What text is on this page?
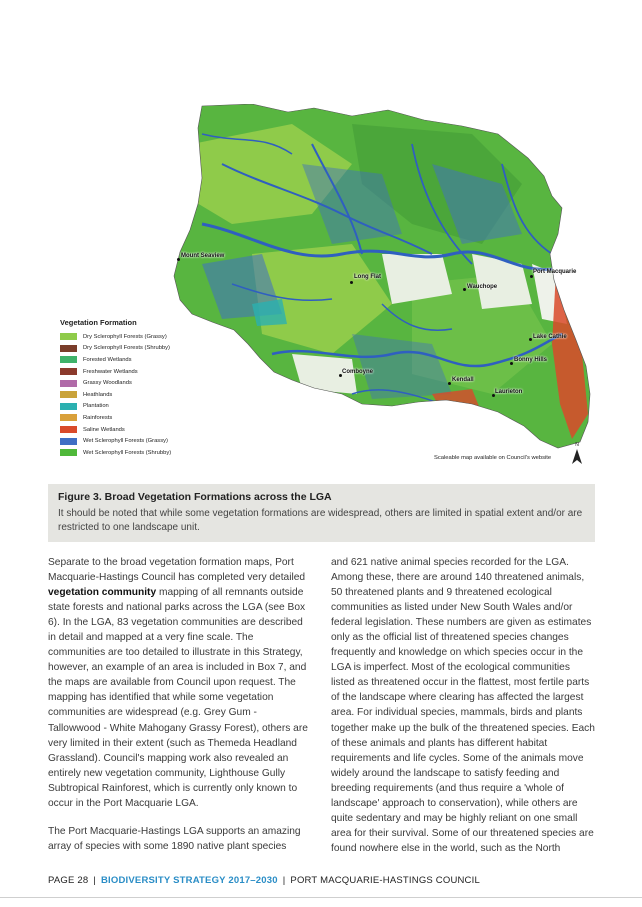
Vegetation Formation
Dry Sclerophyll Forests (Grassy)
Dry Sclerophyll Forests (Shrubby)
Forested Wetlands
Freshwater Wetlands
Grassy Woodlands
Heathlands
Plantation
Rainforests
Saline Wetlands
Wet Sclerophyll Forests (Grassy)
Wet Sclerophyll Forests (Shrubby)
Mount Seaview
Long Flat
Port Macquarie
Wauchope
Lake Cathie
Bonny Hills
Comboyne
Kendall
Laurieton
Scaleable map available on Council's website
N
Figure 3. Broad Vegetation Formations across the LGA
It should be noted that while some vegetation formations are widespread, others are limited in spatial extent and/or are restricted to one landscape unit.

Separate to the broad vegetation formation maps, Port Macquarie-Hastings Council has completed very detailed vegetation community mapping of all remnants outside state forests and national parks across the LGA (see Box 6). In the LGA, 83 vegetation communities are described in detail and mapped at a very fine scale. The communities are too detailed to illustrate in this Strategy, however, an example of an area is included in Box 7, and the maps are available from Council upon request. The mapping has identified that while some vegetation communities are widespread (e.g. Grey Gum - Tallowwood - White Mahogany Grassy Forest), others are very limited in their extent (such as Themeda Headland Grassland). Council's mapping work also revealed an entirely new vegetation community, Lighthouse Gully Subtropical Rainforest, which is currently only known to occur in the Port Macquarie LGA.

The Port Macquarie-Hastings LGA supports an amazing array of species with some 1890 native plant species

and 621 native animal species recorded for the LGA. Among these, there are around 140 threatened animals, 50 threatened plants and 9 threatened ecological communities as listed under New South Wales and/or federal legislation. These numbers are given as estimates only as the official list of threatened species changes frequently and knowledge on which species occur in the LGA is imperfect. Most of the ecological communities listed as threatened occur in the flattest, most fertile parts of the landscape where clearing has affected the largest area. For individual species, mammals, birds and plants together make up the bulk of the threatened species. Each of these animals and plants has different habitat requirements and life cycles. Some of the animals move widely around the landscape to satisfy feeding and breeding requirements (and thus require a 'whole of landscape' approach to conservation), while others are quite sedentary and may be highly reliant on one small area for their survival. Some of our threatened species are found nowhere else in the world, such as the North

PAGE 28 | BIODIVERSITY STRATEGY 2017–2030 | PORT MACQUARIE-HASTINGS COUNCIL
